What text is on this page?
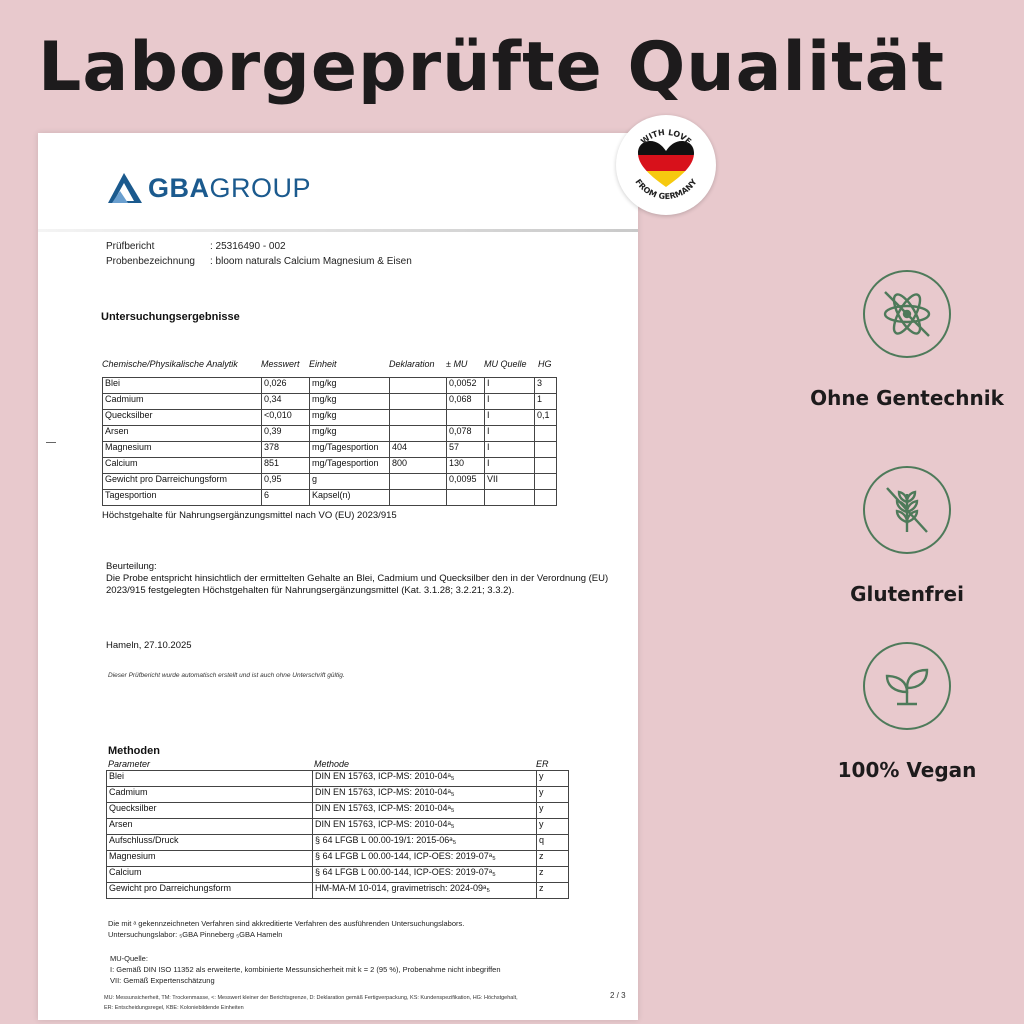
Laborgeprüfte Qualität
GBAGROUP
Prüfbericht	: 25316490 - 002
Probenbezeichnung	: bloom naturals Calcium Magnesium & Eisen
Untersuchungsergebnisse
Chemische/Physikalische Analytik	Messwert	Einheit	Deklaration	± MU	MU Quelle	HG
Blei	0,026	mg/kg		0,0052	I	3
Cadmium	0,34	mg/kg		0,068	I	1
Quecksilber	<0,010	mg/kg			I	0,1
Arsen	0,39	mg/kg		0,078	I	
Magnesium	378	mg/Tagesportion	404	57	I	
Calcium	851	mg/Tagesportion	800	130	I	
Gewicht pro Darreichungsform	0,95	g		0,0095	VII	
Tagesportion	6	Kapsel(n)				
Höchstgehalte für Nahrungsergänzungsmittel nach VO (EU) 2023/915
Beurteilung:
Die Probe entspricht hinsichtlich der ermittelten Gehalte an Blei, Cadmium und Quecksilber den in der Verordnung (EU) 2023/915 festgelegten Höchstgehalten für Nahrungsergänzungsmittel (Kat. 3.1.28; 3.2.21; 3.3.2).
Hameln, 27.10.2025
Dieser Prüfbericht wurde automatisch erstellt und ist auch ohne Unterschrift gültig.
Methoden
Parameter	Methode	ER
Blei	DIN EN 15763, ICP-MS: 2010-04ᵃ₅	y
Cadmium	DIN EN 15763, ICP-MS: 2010-04ᵃ₅	y
Quecksilber	DIN EN 15763, ICP-MS: 2010-04ᵃ₅	y
Arsen	DIN EN 15763, ICP-MS: 2010-04ᵃ₅	y
Aufschluss/Druck	§ 64 LFGB L 00.00-19/1: 2015-06ᵃ₅	q
Magnesium	§ 64 LFGB L 00.00-144, ICP-OES: 2019-07ᵃ₅	z
Calcium	§ 64 LFGB L 00.00-144, ICP-OES: 2019-07ᵃ₅	z
Gewicht pro Darreichungsform	HM-MA-M 10-014, gravimetrisch: 2024-09ᵃ₅	z
Die mit ᵃ gekennzeichneten Verfahren sind akkreditierte Verfahren des ausführenden Untersuchungslabors.
Untersuchungslabor: ₅GBA Pinneberg ₅GBA Hameln
MU-Quelle:
I: Gemäß DIN ISO 11352 als erweiterte, kombinierte Messunsicherheit mit k = 2 (95 %), Probenahme nicht inbegriffen
VII: Gemäß Expertenschätzung
MU: Messunsicherheit, TM: Trockenmasse, <: Messwert kleiner der Berichtsgrenze, D: Deklaration gemäß Fertigverpackung, KS: Kundenspezifikation, HG: Höchstgehalt,
ER: Entscheidungsregel, KBE: Koloniebildende Einheiten
2 / 3
WITH LOVE
FROM GERMANY
Ohne Gentechnik
Glutenfrei
100% Vegan
